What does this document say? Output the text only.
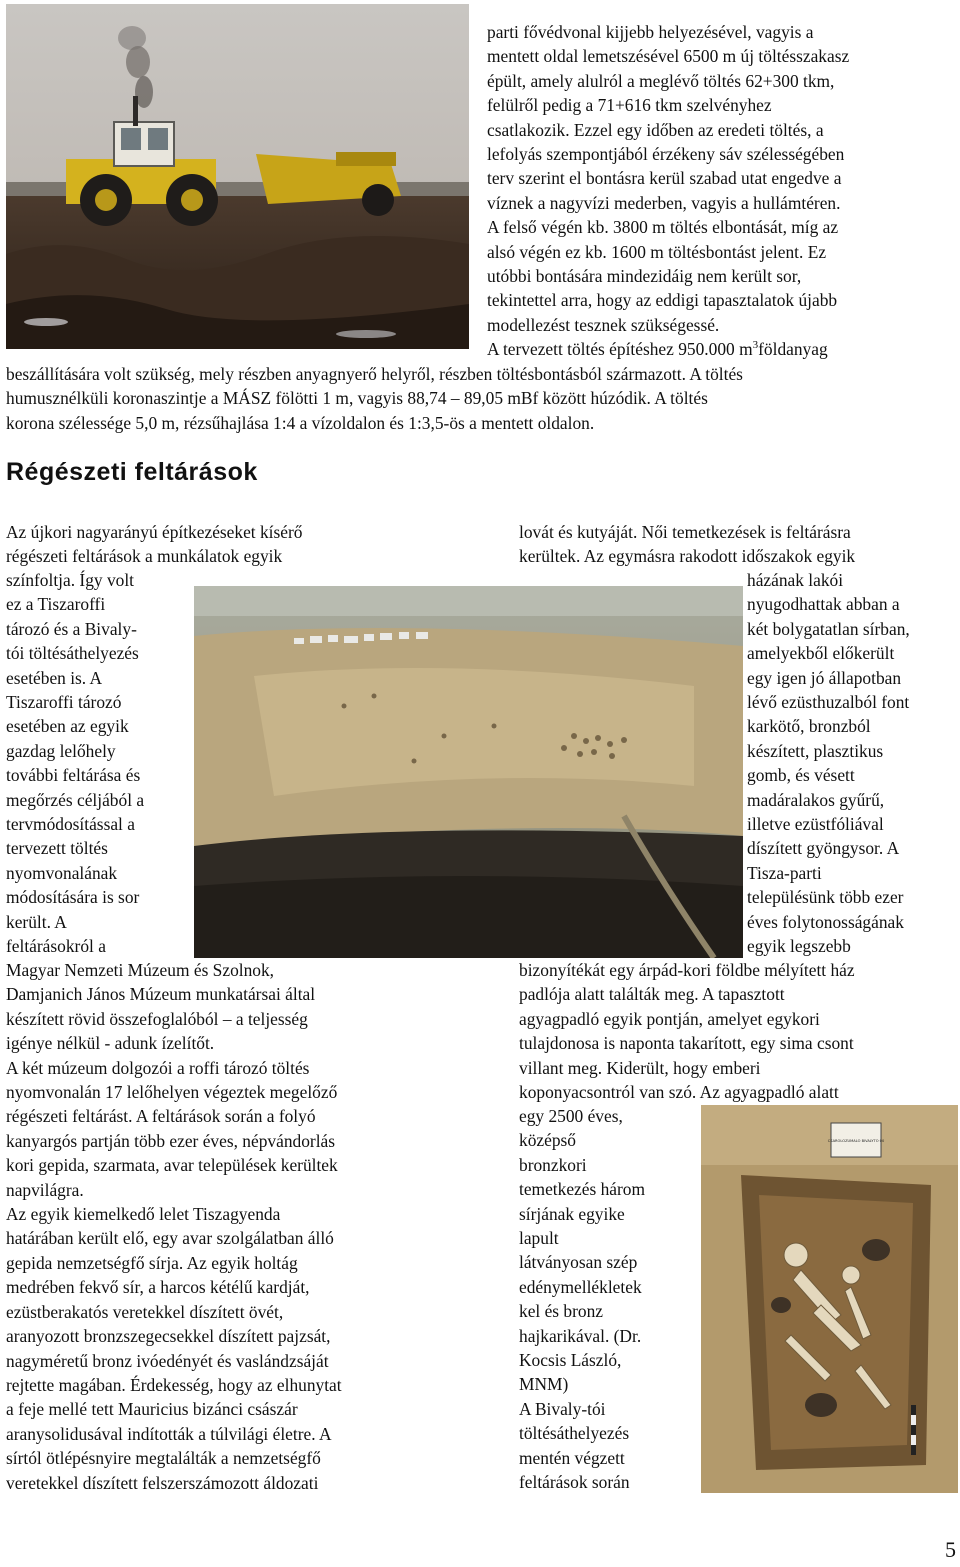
parti fővédvonal kijjebb helyezésével, vagyis a

mentett oldal lemetszésével 6500 m új töltésszakasz

épült, amely alulról a meglévő töltés 62+300 tkm,

felülről pedig a 71+616 tkm szelvényhez

csatlakozik. Ezzel egy időben az eredeti töltés, a

lefolyás szempontjából érzékeny sáv szélességében

terv szerint el bontásra kerül szabad utat engedve a

víznek a nagyvízi mederben, vagyis a hullámtéren.

A felső végén kb. 3800 m töltés elbontását, míg az

alsó végén ez kb. 1600 m töltésbontást jelent. Ez

utóbbi bontására mindezidáig nem került sor,

tekintettel arra, hogy az eddigi tapasztalatok újabb

modellezést tesznek szükségessé.

A tervezett töltés építéshez 950.000 $m^3földanyag$

beszállítására volt szükség, mely részben anyagnyerő helyről, részben töltésbontásból származott. A töltés

humusznélküli koronaszintje a MÁSZ fölötti 1 m, vagyis 88,74 – 89,05 mBf között húzódik. A töltés

korona szélessége 5,0 m, rézsűhajlása 1:4 a vízoldalon és 1:3,5-ös a mentett oldalon.

Régészeti feltárások

Az újkori nagyarányú építkezéseket kísérő

régészeti feltárások a munkálatok egyik

színfoltja. Így volt

ez a Tiszaroffi

tározó és a Bivaly-

tói töltésáthelyezés

esetében is. A

Tiszaroffi tározó

esetében az egyik

gazdag lelőhely

további feltárása és

megőrzés céljából a

tervmódosítással a

tervezett töltés

nyomvonalának

módosítására is sor

került. A

feltárásokról a

Magyar Nemzeti Múzeum és Szolnok,

Damjanich János Múzeum munkatársai által

készített rövid összefoglalóból – a teljesség

igénye nélkül - adunk ízelítőt.

A két múzeum dolgozói a roffi tározó töltés

nyomvonalán 17 lelőhelyen végeztek megelőző

régészeti feltárást. A feltárások során a folyó

kanyargós partján több ezer éves, népvándorlás

kori gepida, szarmata, avar települések kerültek

napvilágra.

Az egyik kiemelkedő lelet Tiszagyenda

határában került elő, egy avar szolgálatban álló

gepida nemzetségfő sírja. Az egyik holtág

medrében fekvő sír, a harcos kétélű kardját,

ezüstberakatós veretekkel díszített övét,

aranyozott bronzszegecsekkel díszített pajzsát,

nagyméretű bronz ivóedényét és vaslándzsáját

rejtette magában. Érdekesség, hogy az elhunytat

a feje mellé tett Mauricius bizánci császár

aranysolidusával indították a túlvilági életre. A

sírtól ötlépésnyire megtalálták a nemzetségfő

veretekkel díszített felszerszámozott áldozati

lovát és kutyáját. Női temetkezések is feltárásra

kerültek. Az egymásra rakodott időszakok egyik

házának lakói

nyugodhattak abban a

két bolygatatlan sírban,

amelyekből előkerült

egy igen jó állapotban

lévő ezüsthuzalból font

karkötő, bronzból

készített, plasztikus

gomb, és vésett

madáralakos gyűrű,

illetve ezüstfóliával

díszített gyöngysor. A

Tisza-parti

településünk több ezer

éves folytonosságának

egyik legszebb

bizonyítékát egy árpád-kori földbe mélyített ház

padlója alatt találták meg. A tapasztott

agyagpadló egyik pontján, amelyet egykori

tulajdonosa is naponta takarított, egy sima csont

villant meg. Kiderült, hogy emberi

koponyacsontról van szó. Az agyagpadló alatt

egy 2500 éves,

középső

bronzkori

temetkezés három

sírjának egyike

lapult

látványosan szép

edénymellékletek

kel és bronz

hajkarikával. (Dr.

Kocsis László,

MNM)

A Bivaly-tói

töltésáthelyezés

mentén végzett

feltárások során

CSAROLOZUMALO BIVALYTO 00
5
